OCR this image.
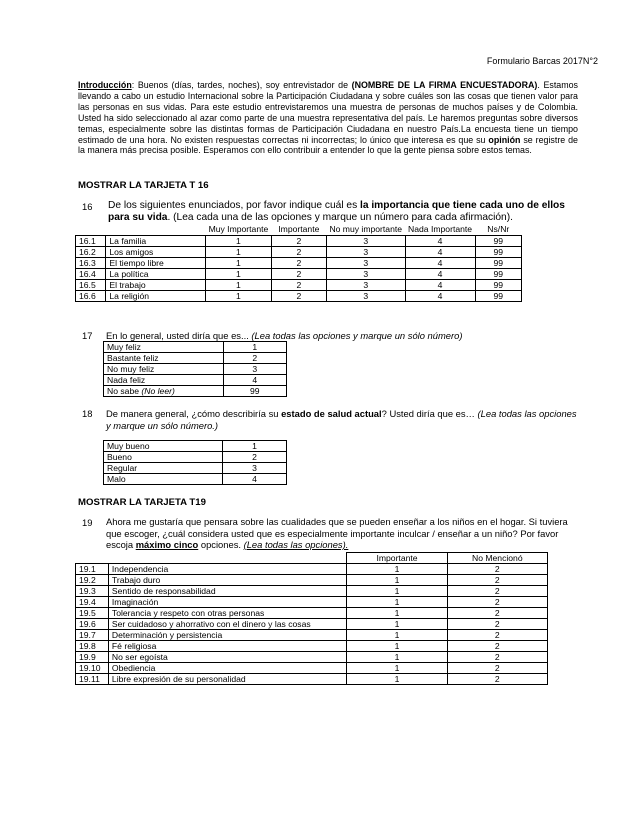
Formulario Barcas 2017N°2
Introducción: Buenos (días, tardes, noches), soy entrevistador de (NOMBRE DE LA FIRMA ENCUESTADORA). Estamos llevando a cabo un estudio Internacional sobre la Participación Ciudadana y sobre cuáles son las cosas que tienen valor para las personas en sus vidas. Para este estudio entrevistaremos una muestra de personas de muchos países y de Colombia. Usted ha sido seleccionado al azar como parte de una muestra representativa del país. Le haremos preguntas sobre diversos temas, especialmente sobre las distintas formas de Participación Ciudadana en nuestro País.La encuesta tiene un tiempo estimado de una hora. No existen respuestas correctas ni incorrectas; lo único que interesa es que su opinión se registre de la manera más precisa posible. Esperamos con ello contribuir a entender lo que la gente piensa sobre estos temas.
MOSTRAR LA TARJETA T 16
16 De los siguientes enunciados, por favor indique cuál es la importancia que tiene cada uno de ellos para su vida. (Lea cada una de las opciones y marque un número para cada afirmación).
		Muy Importante	Importante	No muy importante	Nada Importante	Ns/Nr
16.1	La familia	1	2	3	4	99
16.2	Los amigos	1	2	3	4	99
16.3	El tiempo libre	1	2	3	4	99
16.4	La política	1	2	3	4	99
16.5	El trabajo	1	2	3	4	99
16.6	La religión	1	2	3	4	99
17 En lo general, usted diría que es... (Lea todas las opciones y marque un sólo número)
Muy feliz	1
Bastante feliz	2
No muy feliz	3
Nada feliz	4
No sabe (No leer)	99
18 De manera general, ¿cómo describiría su estado de salud actual? Usted diría que es… (Lea todas las opciones y marque un sólo número.)
Muy bueno	1
Bueno	2
Regular	3
Malo	4
MOSTRAR LA TARJETA T19
19 Ahora me gustaría que pensara sobre las cualidades que se pueden enseñar a los niños en el hogar. Si tuviera que escoger, ¿cuál considera usted que es especialmente importante inculcar / enseñar a un niño? Por favor escoja máximo cinco opciones. (Lea todas las opciones).
		Importante	No Mencionó
19.1	Independencia	1	2
19.2	Trabajo duro	1	2
19.3	Sentido de responsabilidad	1	2
19.4	Imaginación	1	2
19.5	Tolerancia y respeto con otras personas	1	2
19.6	Ser cuidadoso y ahorrativo con el dinero y las cosas	1	2
19.7	Determinación y persistencia	1	2
19.8	Fé religiosa	1	2
19.9	No ser egoísta	1	2
19.10	Obediencia	1	2
19.11	Libre expresión de su personalidad	1	2
